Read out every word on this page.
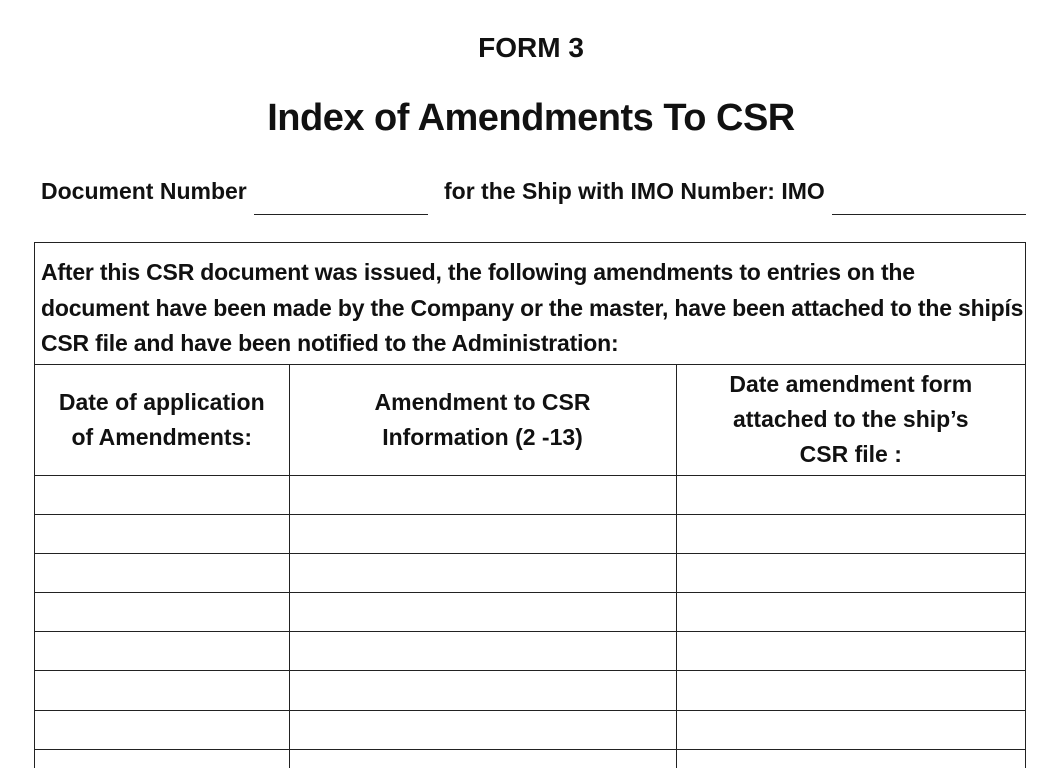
FORM 3
Index of Amendments To CSR
Document Number	for the Ship with IMO Number: IMO
After this CSR document was issued, the following amendments to entries on the
document have been made by the Company or the master, have been attached to the shipís
CSR file and have been notified to the Administration:
Date of application
of Amendments:	Amendment to CSR
Information (2 -13)	Date amendment form
attached to the ship’s
CSR file :
